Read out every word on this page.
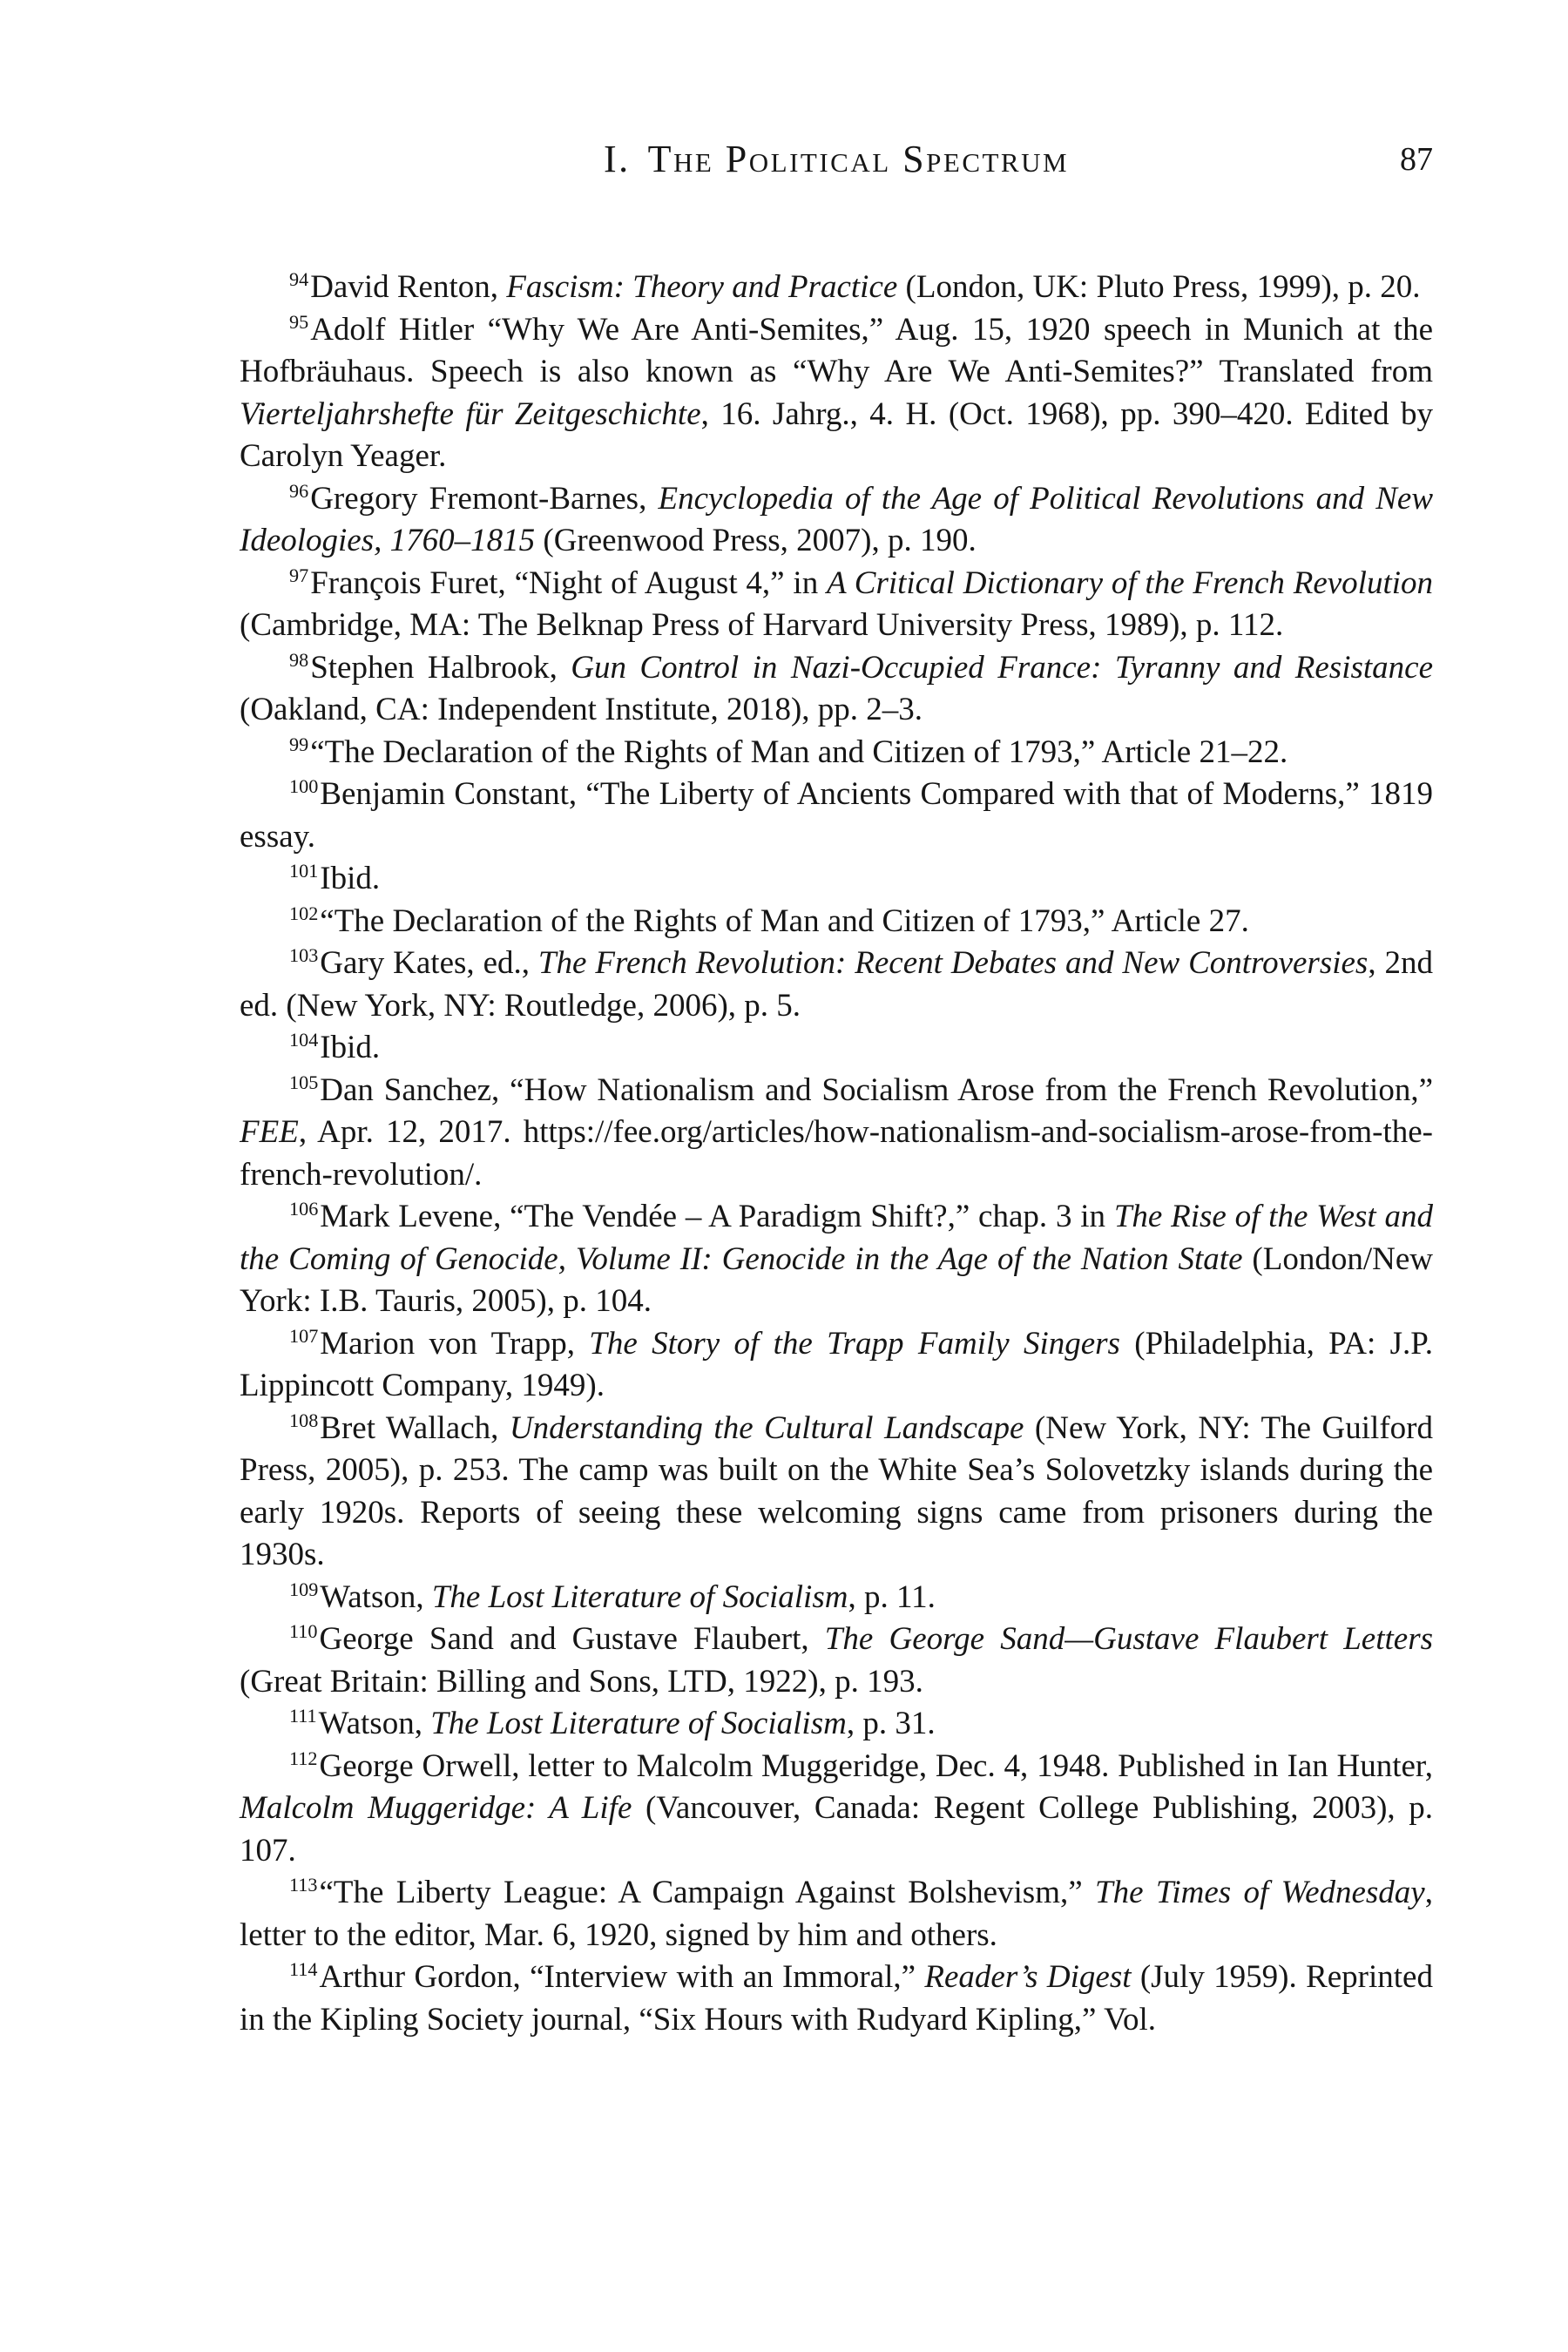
I. The Political Spectrum	87

$^{94}$David Renton, Fascism: Theory and Practice (London, UK: Pluto Press, 1999), p. 20.

$^{95}$Adolf Hitler “Why We Are Anti-Semites,” Aug. 15, 1920 speech in Munich at the Hofbräuhaus. Speech is also known as “Why Are We Anti-Semites?” Translated from Vierteljahrshefte für Zeitgeschichte, 16. Jahrg., 4. H. (Oct. 1968), pp. 390–420. Edited by Carolyn Yeager.

$^{96}$Gregory Fremont-Barnes, Encyclopedia of the Age of Political Revolutions and New Ideologies, 1760–1815 (Greenwood Press, 2007), p. 190.

$^{97}$François Furet, “Night of August 4,” in A Critical Dictionary of the French Revolution (Cambridge, MA: The Belknap Press of Harvard University Press, 1989), p. 112.

$^{98}$Stephen Halbrook, Gun Control in Nazi-Occupied France: Tyranny and Resistance (Oakland, CA: Independent Institute, 2018), pp. 2–3.

$^{99}$“The Declaration of the Rights of Man and Citizen of 1793,” Article 21–22.

$^{100}$Benjamin Constant, “The Liberty of Ancients Compared with that of Moderns,” 1819 essay.

$^{101}$Ibid.

$^{102}$“The Declaration of the Rights of Man and Citizen of 1793,” Article 27.

$^{103}$Gary Kates, ed., The French Revolution: Recent Debates and New Controversies, 2nd ed. (New York, NY: Routledge, 2006), p. 5.

$^{104}$Ibid.

$^{105}$Dan Sanchez, “How Nationalism and Socialism Arose from the French Revolution,” FEE, Apr. 12, 2017. https://fee.org/articles/how-nationalism-and-socialism-arose-from-the-french-revolution/.

$^{106}$Mark Levene, “The Vendée – A Paradigm Shift?,” chap. 3 in The Rise of the West and the Coming of Genocide, Volume II: Genocide in the Age of the Nation State (London/New York: I.B. Tauris, 2005), p. 104.

$^{107}$Marion von Trapp, The Story of the Trapp Family Singers (Philadelphia, PA: J.P. Lippincott Company, 1949).

$^{108}$Bret Wallach, Understanding the Cultural Landscape (New York, NY: The Guilford Press, 2005), p. 253. The camp was built on the White Sea’s Solovetzky islands during the early 1920s. Reports of seeing these welcoming signs came from prisoners during the 1930s.

$^{109}$Watson, The Lost Literature of Socialism, p. 11.

$^{110}$George Sand and Gustave Flaubert, The George Sand—Gustave Flaubert Letters (Great Britain: Billing and Sons, LTD, 1922), p. 193.

$^{111}$Watson, The Lost Literature of Socialism, p. 31.

$^{112}$George Orwell, letter to Malcolm Muggeridge, Dec. 4, 1948. Published in Ian Hunter, Malcolm Muggeridge: A Life (Vancouver, Canada: Regent College Publishing, 2003), p. 107.

$^{113}$“The Liberty League: A Campaign Against Bolshevism,” The Times of Wednesday, letter to the editor, Mar. 6, 1920, signed by him and others.

$^{114}$Arthur Gordon, “Interview with an Immoral,” Reader’s Digest (July 1959). Reprinted in the Kipling Society journal, “Six Hours with Rudyard Kipling,” Vol.
